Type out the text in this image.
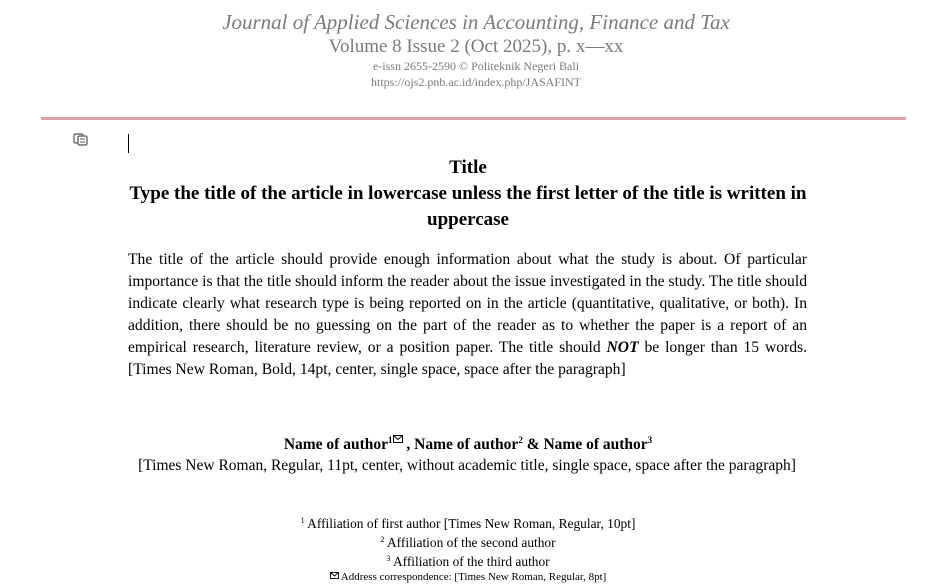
Journal of Applied Sciences in Accounting, Finance and Tax
Volume 8 Issue 2 (Oct 2025), p. x—xx
e-issn 2655-2590 © Politeknik Negeri Bali
https://ojs2.pnb.ac.id/index.php/JASAFINT
Title
Type the title of the article in lowercase unless the first letter of the title is written in uppercase

The title of the article should provide enough information about what the study is about. Of particular importance is that the title should inform the reader about the issue investigated in the study. The title should indicate clearly what research type is being reported on in the article (quantitative, qualitative, or both). In addition, there should be no guessing on the part of the reader as to whether the paper is a report of an empirical research, literature review, or a position paper. The title should NOT be longer than 15 words. [Times New Roman, Bold, 14pt, center, single space, space after the paragraph]

Name of author$^1$ , Name of author$^2$ & Name of author$^3$
[Times New Roman, Regular, 11pt, center, without academic title, single space, space after the paragraph]
$^1$ Affiliation of first author [Times New Roman, Regular, 10pt]
$^2$ Affiliation of the second author
$^3$ Affiliation of the third author
Address correspondence: [Times New Roman, Regular, 8pt]
